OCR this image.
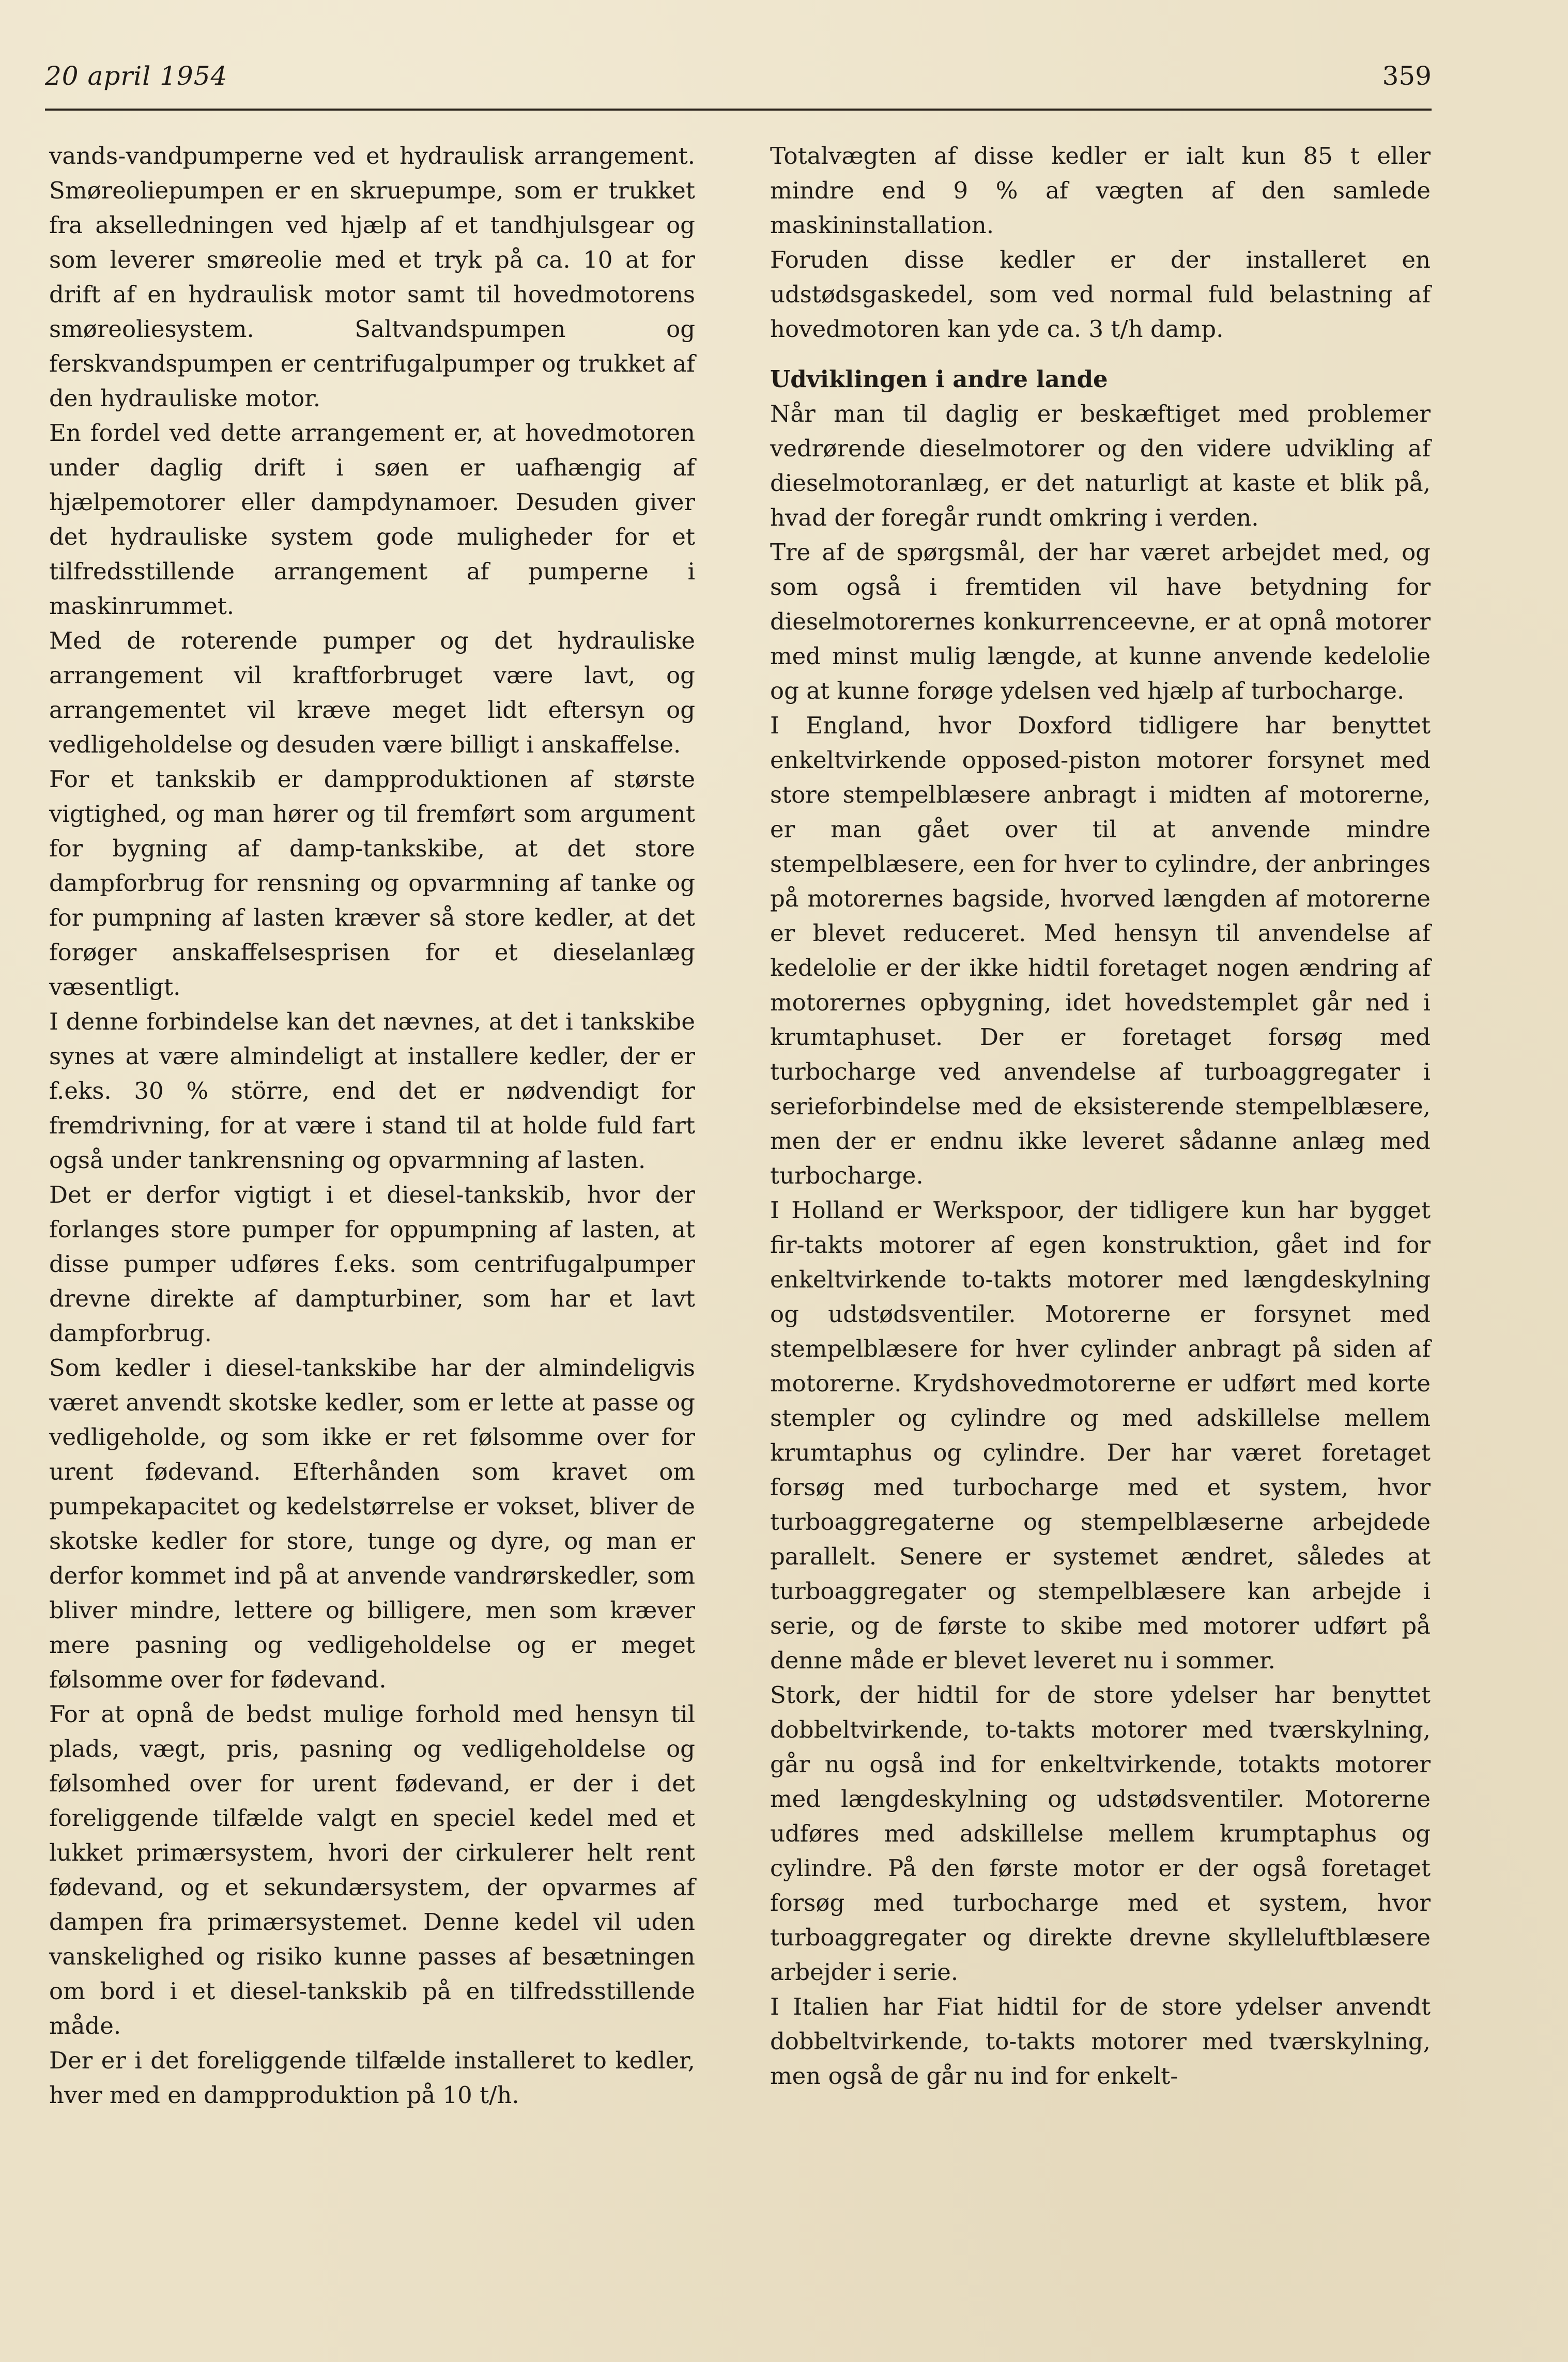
20 april 1954	359

vands-vandpumperne ved et hydraulisk arrangement. Smøreoliepumpen er en skruepumpe, som er trukket fra akselledningen ved hjælp af et tandhjulsgear og som leverer smøreolie med et tryk på ca. 10 at for drift af en hydraulisk motor samt til hovedmotorens smøreoliesystem. Saltvandspumpen og ferskvandspumpen er centrifugalpumper og trukket af den hydrauliske motor.

En fordel ved dette arrangement er, at hovedmotoren under daglig drift i søen er uafhængig af hjælpemotorer eller dampdynamoer. Desuden giver det hydrauliske system gode muligheder for et tilfredsstillende arrangement af pumperne i maskinrummet.

Med de roterende pumper og det hydrauliske arrangement vil kraftforbruget være lavt, og arrangementet vil kræve meget lidt eftersyn og vedligeholdelse og desuden være billigt i anskaffelse.

For et tankskib er dampproduktionen af største vigtighed, og man hører og til fremført som argument for bygning af damp-tankskibe, at det store dampforbrug for rensning og opvarmning af tanke og for pumpning af lasten kræver så store kedler, at det forøger anskaffelsesprisen for et dieselanlæg væsentligt.

I denne forbindelse kan det nævnes, at det i tankskibe synes at være almindeligt at installere kedler, der er f.eks. 30 % större, end det er nødvendigt for fremdrivning, for at være i stand til at holde fuld fart også under tankrensning og opvarmning af lasten.

Det er derfor vigtigt i et diesel-tankskib, hvor der forlanges store pumper for oppumpning af lasten, at disse pumper udføres f.eks. som centrifugalpumper drevne direkte af dampturbiner, som har et lavt dampforbrug.

Som kedler i diesel-tankskibe har der almindeligvis været anvendt skotske kedler, som er lette at passe og vedligeholde, og som ikke er ret følsomme over for urent fødevand. Efterhånden som kravet om pumpekapacitet og kedelstørrelse er vokset, bliver de skotske kedler for store, tunge og dyre, og man er derfor kommet ind på at anvende vandrørskedler, som bliver mindre, lettere og billigere, men som kræver mere pasning og vedligeholdelse og er meget følsomme over for fødevand.

For at opnå de bedst mulige forhold med hensyn til plads, vægt, pris, pasning og vedligeholdelse og følsomhed over for urent fødevand, er der i det foreliggende tilfælde valgt en speciel kedel med et lukket primærsystem, hvori der cirkulerer helt rent fødevand, og et sekundærsystem, der opvarmes af dampen fra primærsystemet. Denne kedel vil uden vanskelighed og risiko kunne passes af besætningen om bord i et diesel-tankskib på en tilfredsstillende måde.

Der er i det foreliggende tilfælde installeret to kedler, hver med en dampproduktion på 10 t/h.

Totalvægten af disse kedler er ialt kun 85 t eller mindre end 9 % af vægten af den samlede maskininstallation.

Foruden disse kedler er der installeret en udstødsgaskedel, som ved normal fuld belastning af hovedmotoren kan yde ca. 3 t/h damp.

Udviklingen i andre lande

Når man til daglig er beskæftiget med problemer vedrørende dieselmotorer og den videre udvikling af dieselmotoranlæg, er det naturligt at kaste et blik på, hvad der foregår rundt omkring i verden.

Tre af de spørgsmål, der har været arbejdet med, og som også i fremtiden vil have betydning for dieselmotorernes konkurrenceevne, er at opnå motorer med minst mulig længde, at kunne anvende kedelolie og at kunne forøge ydelsen ved hjælp af turbocharge.

I England, hvor Doxford tidligere har benyttet enkeltvirkende opposed-piston motorer forsynet med store stempelblæsere anbragt i midten af motorerne, er man gået over til at anvende mindre stempelblæsere, een for hver to cylindre, der anbringes på motorernes bagside, hvorved længden af motorerne er blevet reduceret. Med hensyn til anvendelse af kedelolie er der ikke hidtil foretaget nogen ændring af motorernes opbygning, idet hovedstemplet går ned i krumtaphuset. Der er foretaget forsøg med turbocharge ved anvendelse af turboaggregater i serieforbindelse med de eksisterende stempelblæsere, men der er endnu ikke leveret sådanne anlæg med turbocharge.

I Holland er Werkspoor, der tidligere kun har bygget fir-takts motorer af egen konstruktion, gået ind for enkeltvirkende to-takts motorer med længdeskylning og udstødsventiler. Motorerne er forsynet med stempelblæsere for hver cylinder anbragt på siden af motorerne. Krydshovedmotorerne er udført med korte stempler og cylindre og med adskillelse mellem krumtaphus og cylindre. Der har været foretaget forsøg med turbocharge med et system, hvor turboaggregaterne og stempelblæserne arbejdede parallelt. Senere er systemet ændret, således at turboaggregater og stempelblæsere kan arbejde i serie, og de første to skibe med motorer udført på denne måde er blevet leveret nu i sommer.

Stork, der hidtil for de store ydelser har benyttet dobbeltvirkende, to-takts motorer med tværskylning, går nu også ind for enkeltvirkende, totakts motorer med længdeskylning og udstødsventiler. Motorerne udføres med adskillelse mellem krumptaphus og cylindre. På den første motor er der også foretaget forsøg med turbocharge med et system, hvor turboaggregater og direkte drevne skylleluftblæsere arbejder i serie.

I Italien har Fiat hidtil for de store ydelser anvendt dobbeltvirkende, to-takts motorer med tværskylning, men også de går nu ind for enkelt-
